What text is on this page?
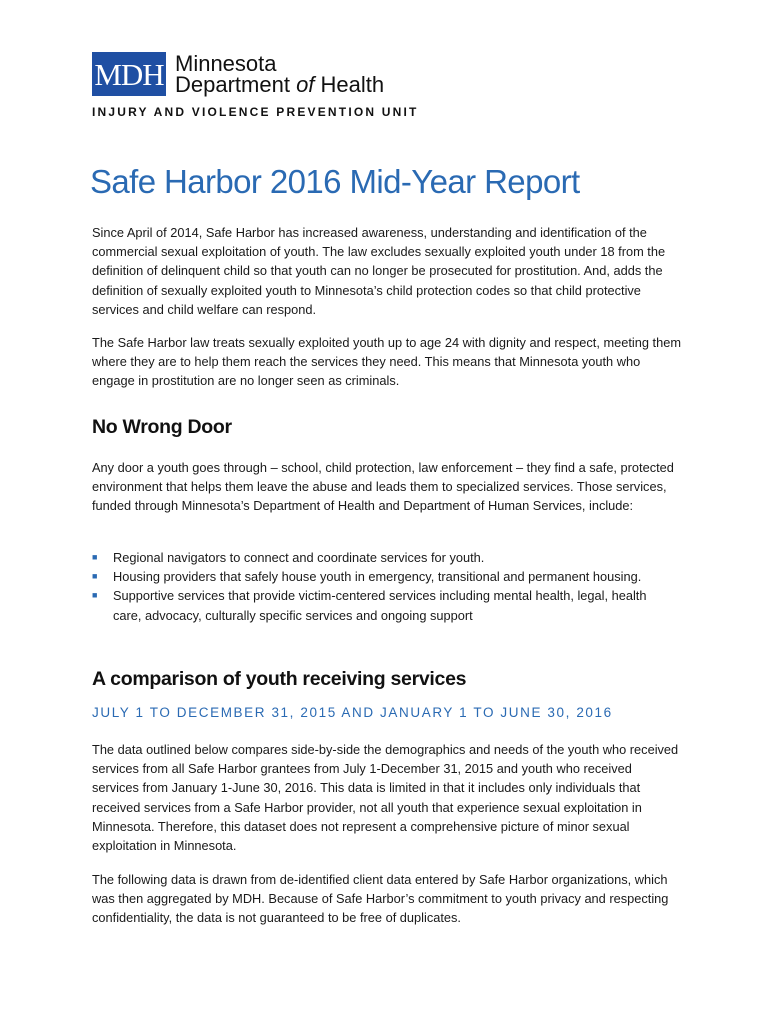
MDH Minnesota
Department of Health
INJURY AND VIOLENCE PREVENTION UNIT
Safe Harbor 2016 Mid-Year Report

Since April of 2014, Safe Harbor has increased awareness, understanding and identification of the commercial sexual exploitation of youth. The law excludes sexually exploited youth under 18 from the definition of delinquent child so that youth can no longer be prosecuted for prostitution. And, adds the definition of sexually exploited youth to Minnesota’s child protection codes so that child protective services and child welfare can respond.

The Safe Harbor law treats sexually exploited youth up to age 24 with dignity and respect, meeting them where they are to help them reach the services they need. This means that Minnesota youth who engage in prostitution are no longer seen as criminals.

No Wrong Door

Any door a youth goes through – school, child protection, law enforcement – they find a safe, protected environment that helps them leave the abuse and leads them to specialized services. Those services, funded through Minnesota’s Department of Health and Department of Human Services, include:

■ Regional navigators to connect and coordinate services for youth.
■ Housing providers that safely house youth in emergency, transitional and permanent housing.
■ Supportive services that provide victim-centered services including mental health, legal, health care, advocacy, culturally specific services and ongoing support
A comparison of youth receiving services
JULY 1 TO DECEMBER 31, 2015 AND JANUARY 1 TO JUNE 30, 2016

The data outlined below compares side-by-side the demographics and needs of the youth who received services from all Safe Harbor grantees from July 1-December 31, 2015 and youth who received services from January 1-June 30, 2016. This data is limited in that it includes only individuals that received services from a Safe Harbor provider, not all youth that experience sexual exploitation in Minnesota. Therefore, this dataset does not represent a comprehensive picture of minor sexual exploitation in Minnesota.

The following data is drawn from de-identified client data entered by Safe Harbor organizations, which was then aggregated by MDH. Because of Safe Harbor’s commitment to youth privacy and respecting confidentiality, the data is not guaranteed to be free of duplicates.
